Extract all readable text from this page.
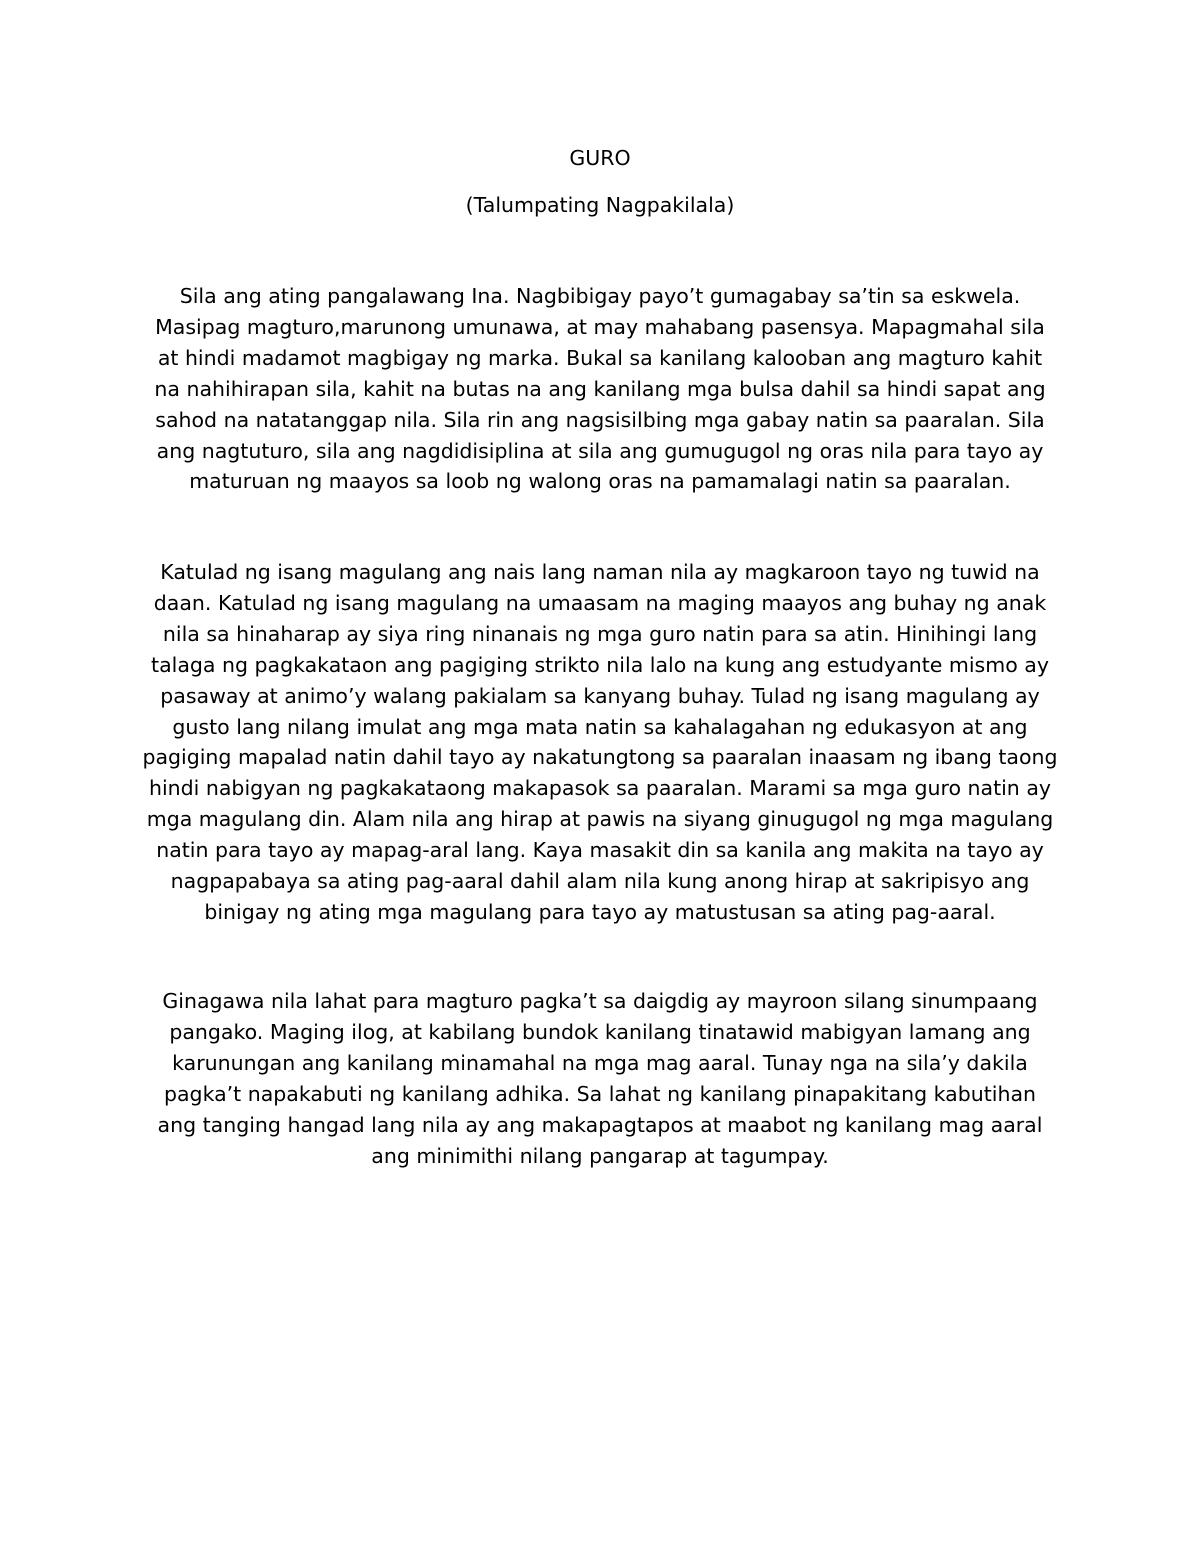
GURO

(Talumpating Nagpakilala)

Sila ang ating pangalawang Ina. Nagbibigay payo’t gumagabay sa’tin sa eskwela.
Masipag magturo,marunong umunawa, at may mahabang pasensya. Mapagmahal sila
at hindi madamot magbigay ng marka. Bukal sa kanilang kalooban ang magturo kahit
na nahihirapan sila, kahit na butas na ang kanilang mga bulsa dahil sa hindi sapat ang
sahod na natatanggap nila. Sila rin ang nagsisilbing mga gabay natin sa paaralan. Sila
ang nagtuturo, sila ang nagdidisiplina at sila ang gumugugol ng oras nila para tayo ay
maturuan ng maayos sa loob ng walong oras na pamamalagi natin sa paaralan.

Katulad ng isang magulang ang nais lang naman nila ay magkaroon tayo ng tuwid na
daan. Katulad ng isang magulang na umaasam na maging maayos ang buhay ng anak
nila sa hinaharap ay siya ring ninanais ng mga guro natin para sa atin. Hinihingi lang
talaga ng pagkakataon ang pagiging strikto nila lalo na kung ang estudyante mismo ay
pasaway at animo’y walang pakialam sa kanyang buhay. Tulad ng isang magulang ay
gusto lang nilang imulat ang mga mata natin sa kahalagahan ng edukasyon at ang
pagiging mapalad natin dahil tayo ay nakatungtong sa paaralan inaasam ng ibang taong
hindi nabigyan ng pagkakataong makapasok sa paaralan. Marami sa mga guro natin ay
mga magulang din. Alam nila ang hirap at pawis na siyang ginugugol ng mga magulang
natin para tayo ay mapag-aral lang. Kaya masakit din sa kanila ang makita na tayo ay
nagpapabaya sa ating pag-aaral dahil alam nila kung anong hirap at sakripisyo ang
binigay ng ating mga magulang para tayo ay matustusan sa ating pag-aaral.

Ginagawa nila lahat para magturo pagka’t sa daigdig ay mayroon silang sinumpaang
pangako. Maging ilog, at kabilang bundok kanilang tinatawid mabigyan lamang ang
karunungan ang kanilang minamahal na mga mag aaral. Tunay nga na sila’y dakila
pagka’t napakabuti ng kanilang adhika. Sa lahat ng kanilang pinapakitang kabutihan
ang tanging hangad lang nila ay ang makapagtapos at maabot ng kanilang mag aaral
ang minimithi nilang pangarap at tagumpay.
